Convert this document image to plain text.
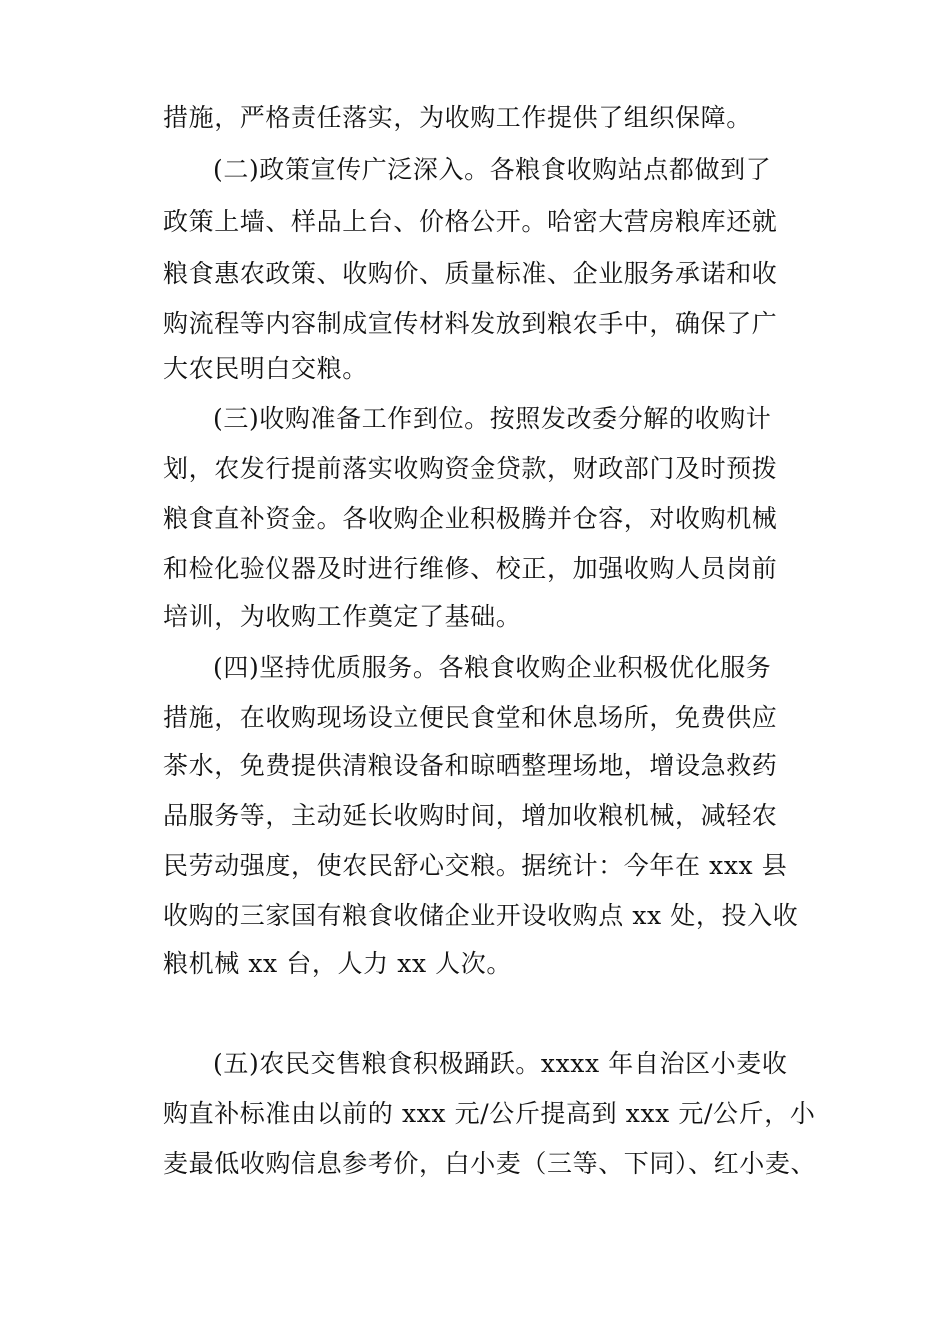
措施，严格责任落实，为收购工作提供了组织保障。
(二)政策宣传广泛深入。各粮食收购站点都做到了
政策上墙、样品上台、价格公开。哈密大营房粮库还就
粮食惠农政策、收购价、质量标准、企业服务承诺和收
购流程等内容制成宣传材料发放到粮农手中，确保了广
大农民明白交粮。
(三)收购准备工作到位。按照发改委分解的收购计
划，农发行提前落实收购资金贷款，财政部门及时预拨
粮食直补资金。各收购企业积极腾并仓容，对收购机械
和检化验仪器及时进行维修、校正，加强收购人员岗前
培训，为收购工作奠定了基础。
(四)坚持优质服务。各粮食收购企业积极优化服务
措施，在收购现场设立便民食堂和休息场所，免费供应
茶水，免费提供清粮设备和晾晒整理场地，增设急救药
品服务等，主动延长收购时间，增加收粮机械，减轻农
民劳动强度，使农民舒心交粮。据统计：今年在 xxx 县
收购的三家国有粮食收储企业开设收购点 xx 处，投入收
粮机械 xx 台，人力 xx 人次。
(五)农民交售粮食积极踊跃。xxxx 年自治区小麦收
购直补标准由以前的 xxx 元/公斤提高到 xxx 元/公斤，小
麦最低收购信息参考价，白小麦（三等、下同）、红小麦、
